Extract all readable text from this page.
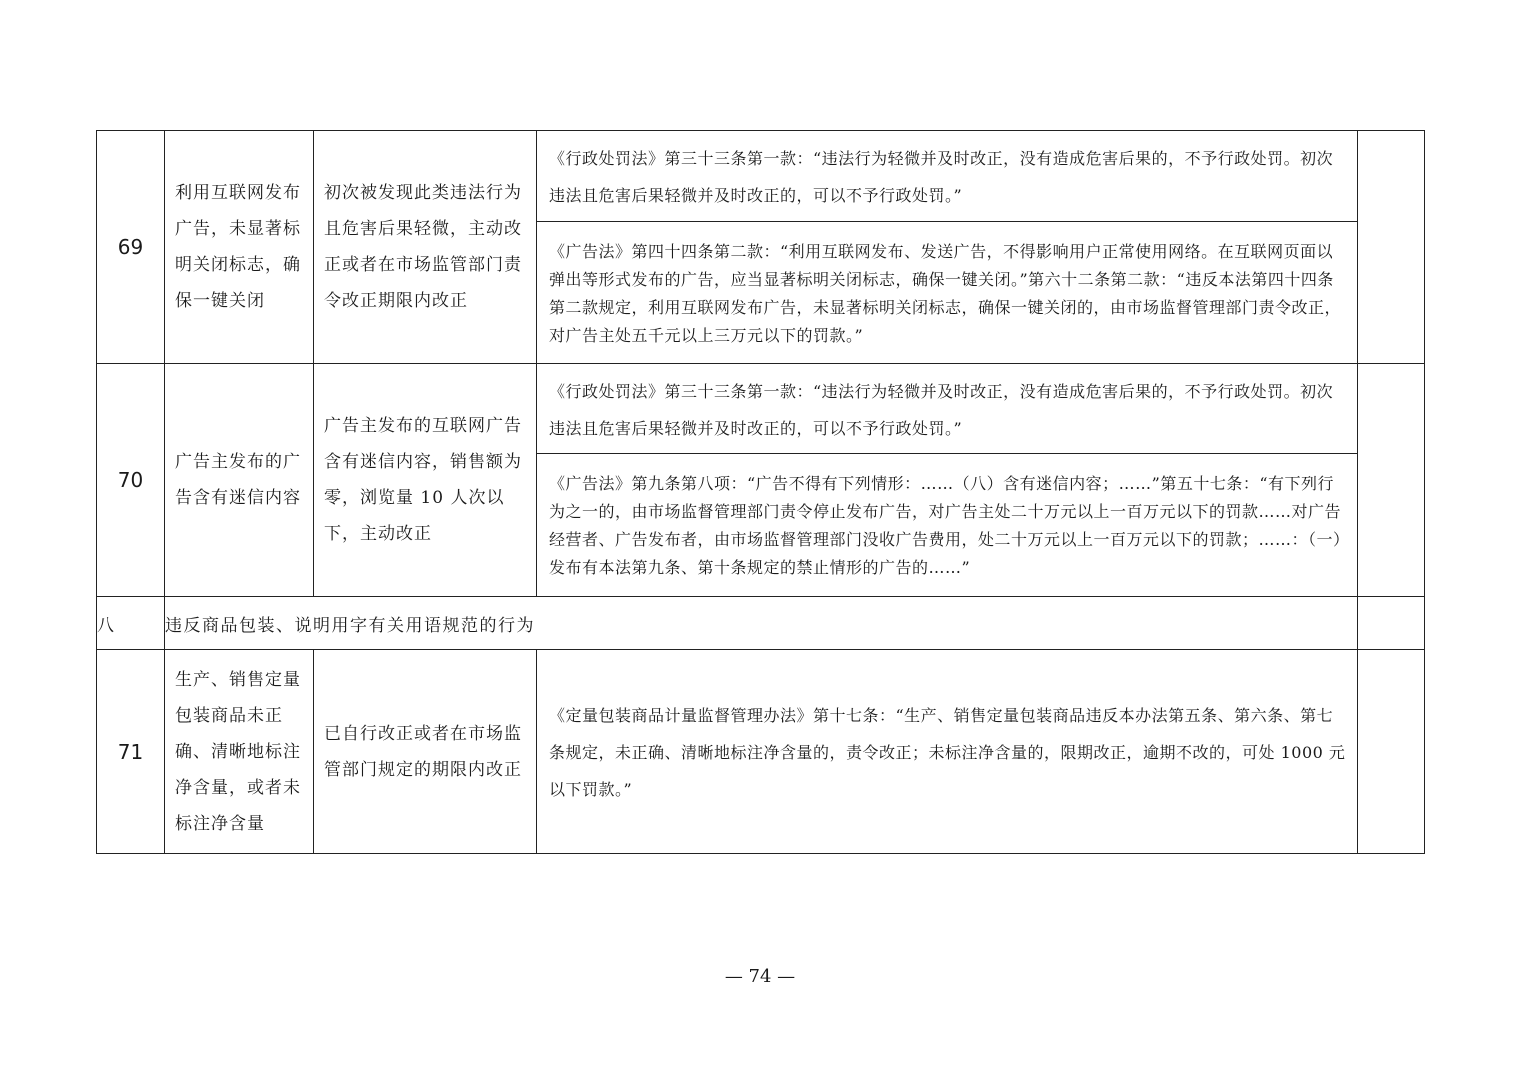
69	利用互联网发布广告，未显著标明关闭标志，确保一键关闭	初次被发现此类违法行为且危害后果轻微，主动改正或者在市场监管部门责令改正期限内改正	《行政处罚法》第三十三条第一款：“违法行为轻微并及时改正，没有造成危害后果的，不予行政处罚。初次违法且危害后果轻微并及时改正的，可以不予行政处罚。”	

			《广告法》第四十四条第二款：“利用互联网发布、发送广告，不得影响用户正常使用网络。在互联网页面以弹出等形式发布的广告，应当显著标明关闭标志，确保一键关闭。”第六十二条第二款：“违反本法第四十四条第二款规定，利用互联网发布广告，未显著标明关闭标志，确保一键关闭的，由市场监督管理部门责令改正，对广告主处五千元以上三万元以下的罚款。”	

70	广告主发布的广告含有迷信内容	广告主发布的互联网广告含有迷信内容，销售额为零，浏览量 10 人次以下，主动改正	《行政处罚法》第三十三条第一款：“违法行为轻微并及时改正，没有造成危害后果的，不予行政处罚。初次违法且危害后果轻微并及时改正的，可以不予行政处罚。”	

			《广告法》第九条第八项：“广告不得有下列情形：……（八）含有迷信内容；……”第五十七条：“有下列行为之一的，由市场监督管理部门责令停止发布广告，对广告主处二十万元以上一百万元以下的罚款……对广告经营者、广告发布者，由市场监督管理部门没收广告费用，处二十万元以上一百万元以下的罚款；……：（一）发布有本法第九条、第十条规定的禁止情形的广告的……”	

八	违反商品包装、说明用字有关用语规范的行为			
71	生产、销售定量包装商品未正确、清晰地标注净含量，或者未标注净含量	已自行改正或者在市场监管部门规定的期限内改正	《定量包装商品计量监督管理办法》第十七条：“生产、销售定量包装商品违反本办法第五条、第六条、第七条规定，未正确、清晰地标注净含量的，责令改正；未标注净含量的，限期改正，逾期不改的，可处 1000 元以下罚款。”	

— 74 —
